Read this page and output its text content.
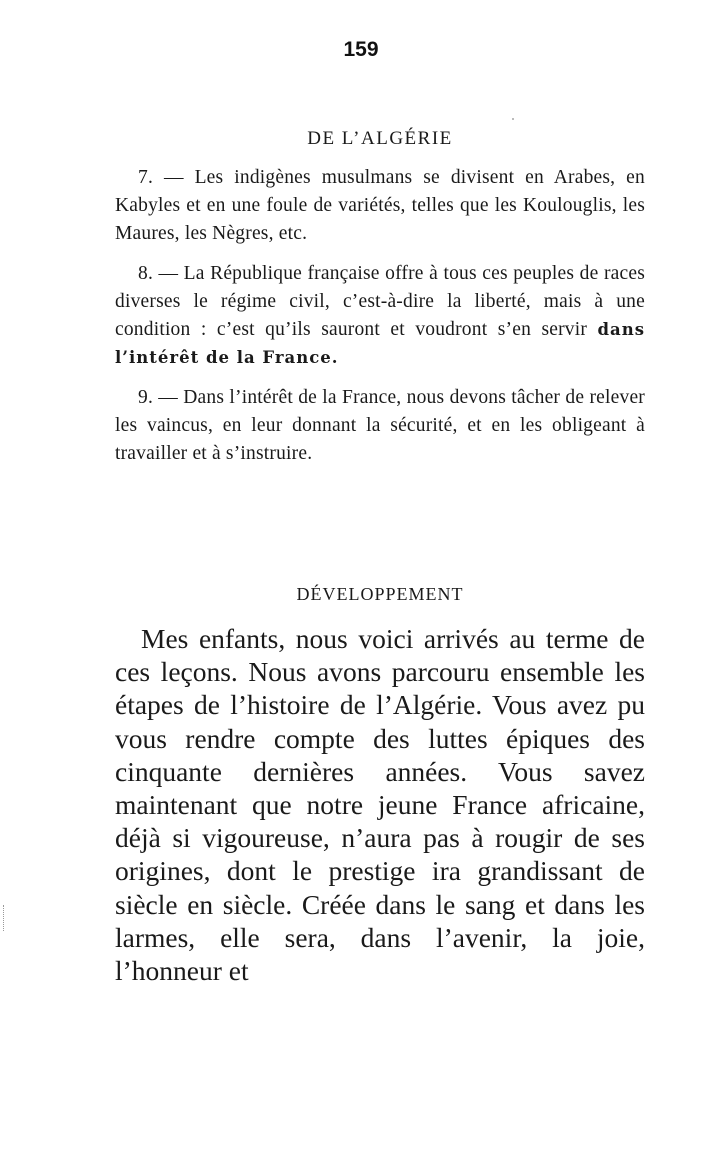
159
DE L’ALGÉRIE

7. — Les indigènes musulmans se divisent en Arabes, en Kabyles et en une foule de variétés, telles que les Koulouglis, les Maures, les Nègres, etc.

8. — La République française offre à tous ces peuples de races diverses le régime civil, c’est-à-dire la liberté, mais à une condition : c’est qu’ils sauront et voudront s’en servir dans l’intérêt de la France.

9. — Dans l’intérêt de la France, nous devons tâcher de relever les vaincus, en leur donnant la sécurité, et en les obligeant à travailler et à s’instruire.

DÉVELOPPEMENT

Mes enfants, nous voici arrivés au terme de ces leçons. Nous avons parcouru ensemble les étapes de l’histoire de l’Algérie. Vous avez pu vous rendre compte des luttes épiques des cinquante dernières années. Vous savez maintenant que notre jeune France africaine, déjà si vigoureuse, n’aura pas à rougir de ses origines, dont le prestige ira grandissant de siècle en siècle. Créée dans le sang et dans les larmes, elle sera, dans l’avenir, la joie, l’honneur et
